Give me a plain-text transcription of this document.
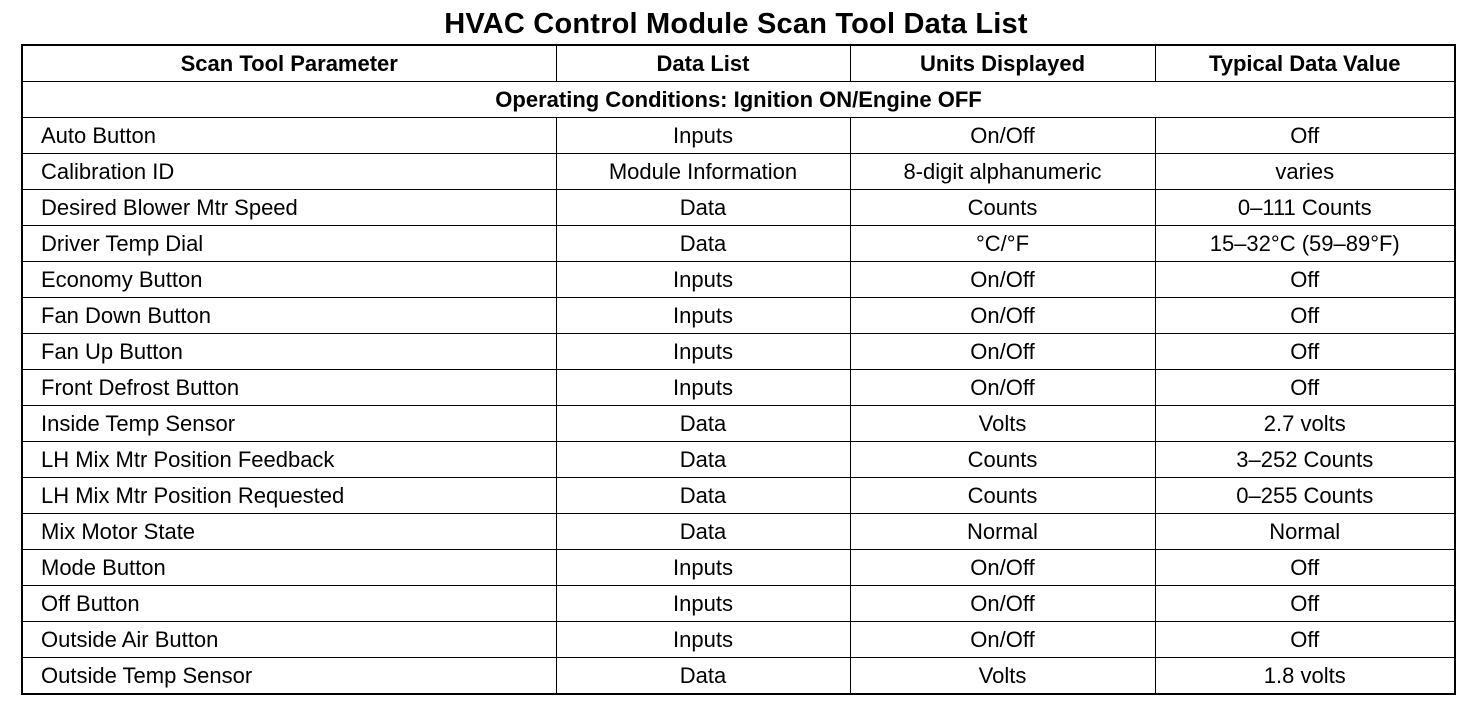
HVAC Control Module Scan Tool Data List
Scan Tool Parameter	Data List	Units Displayed	Typical Data Value
Operating Conditions: Ignition ON/Engine OFF			
Auto Button	Inputs	On/Off	Off
Calibration ID	Module Information	8-digit alphanumeric	varies
Desired Blower Mtr Speed	Data	Counts	0–111 Counts
Driver Temp Dial	Data	°C/°F	15–32°C (59–89°F)
Economy Button	Inputs	On/Off	Off
Fan Down Button	Inputs	On/Off	Off
Fan Up Button	Inputs	On/Off	Off
Front Defrost Button	Inputs	On/Off	Off
Inside Temp Sensor	Data	Volts	2.7 volts
LH Mix Mtr Position Feedback	Data	Counts	3–252 Counts
LH Mix Mtr Position Requested	Data	Counts	0–255 Counts
Mix Motor State	Data	Normal	Normal
Mode Button	Inputs	On/Off	Off
Off Button	Inputs	On/Off	Off
Outside Air Button	Inputs	On/Off	Off
Outside Temp Sensor	Data	Volts	1.8 volts
